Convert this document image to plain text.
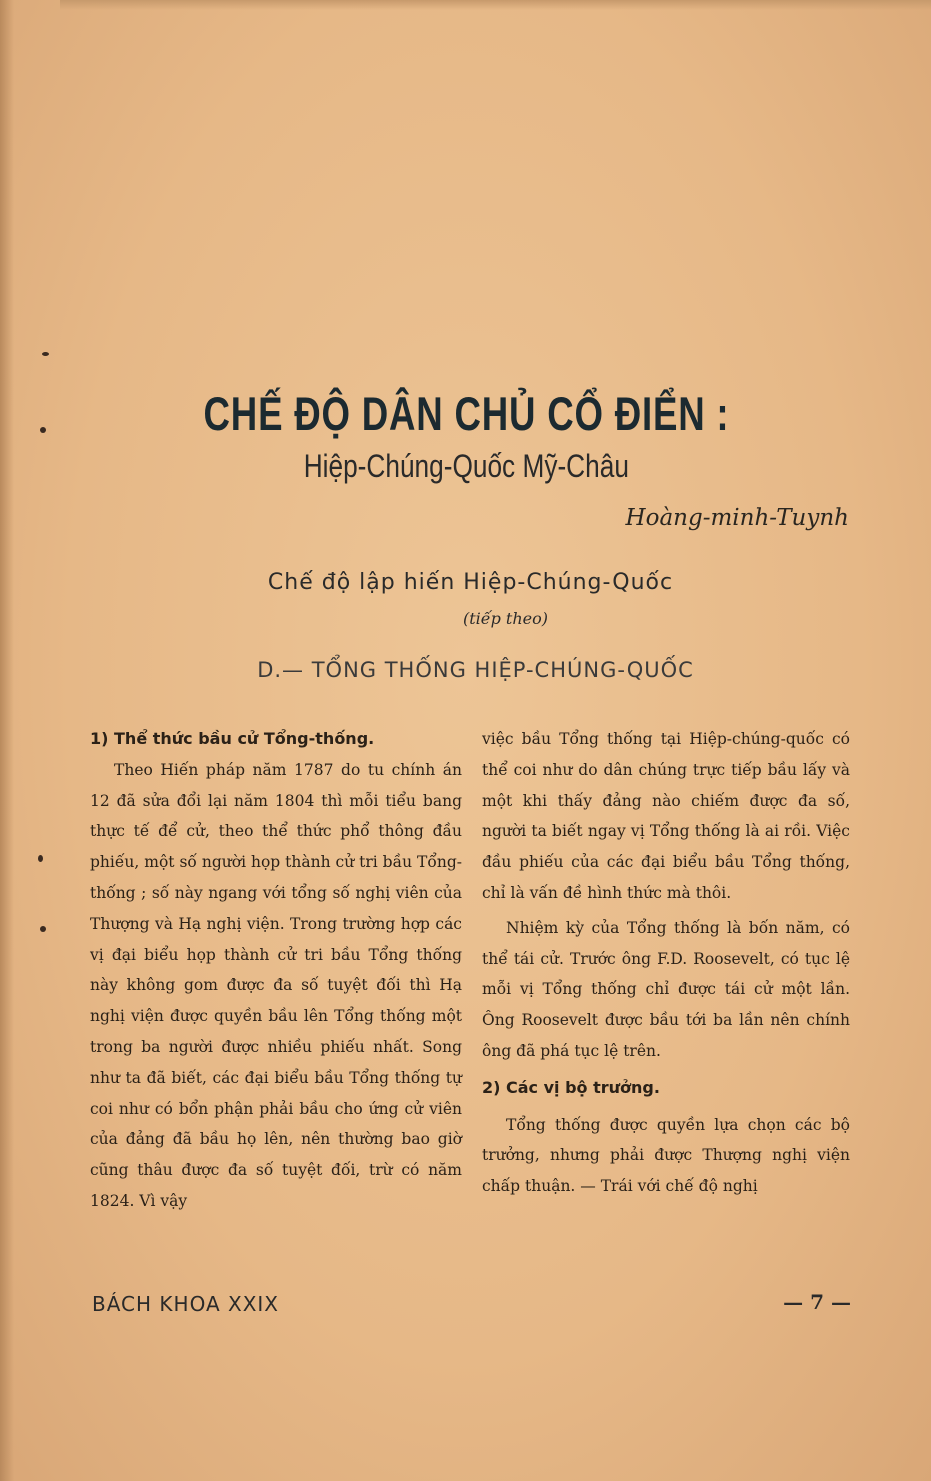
CHẾ ĐỘ DÂN CHỦ CỔ ĐIỂN :
Hiệp-Chúng-Quốc Mỹ-Châu
Hoàng-minh-Tuynh
Chế độ lập hiến Hiệp-Chúng-Quốc
(tiếp theo)
D.— TỔNG THỐNG HIỆP-CHÚNG-QUỐC
1) Thể thức bầu cử Tổng-thống.

Theo Hiến pháp năm 1787 do tu chính án 12 đã sửa đổi lại năm 1804 thì mỗi tiểu bang thực tế để cử, theo thể thức phổ thông đầu phiếu, một số người họp thành cử tri bầu Tổng-thống ; số này ngang với tổng số nghị viên của Thượng và Hạ nghị viện. Trong trường hợp các vị đại biểu họp thành cử tri bầu Tổng thống này không gom được đa số tuyệt đối thì Hạ nghị viện được quyền bầu lên Tổng thống một trong ba người được nhiều phiếu nhất. Song như ta đã biết, các đại biểu bầu Tổng thống tự coi như có bổn phận phải bầu cho ứng cử viên của đảng đã bầu họ lên, nên thường bao giờ cũng thâu được đa số tuyệt đối, trừ có năm 1824. Vì vậy

việc bầu Tổng thống tại Hiệp-chúng-quốc có thể coi như do dân chúng trực tiếp bầu lấy và một khi thấy đảng nào chiếm được đa số, người ta biết ngay vị Tổng thống là ai rồi. Việc đầu phiếu của các đại biểu bầu Tổng thống, chỉ là vấn đề hình thức mà thôi.

Nhiệm kỳ của Tổng thống là bốn năm, có thể tái cử. Trước ông F.D. Roosevelt, có tục lệ mỗi vị Tổng thống chỉ được tái cử một lần. Ông Roosevelt được bầu tới ba lần nên chính ông đã phá tục lệ trên.

2) Các vị bộ trưởng.

Tổng thống được quyền lựa chọn các bộ trưởng, nhưng phải được Thượng nghị viện chấp thuận. — Trái với chế độ nghị

BÁCH KHOA XXIX	— 7 —
